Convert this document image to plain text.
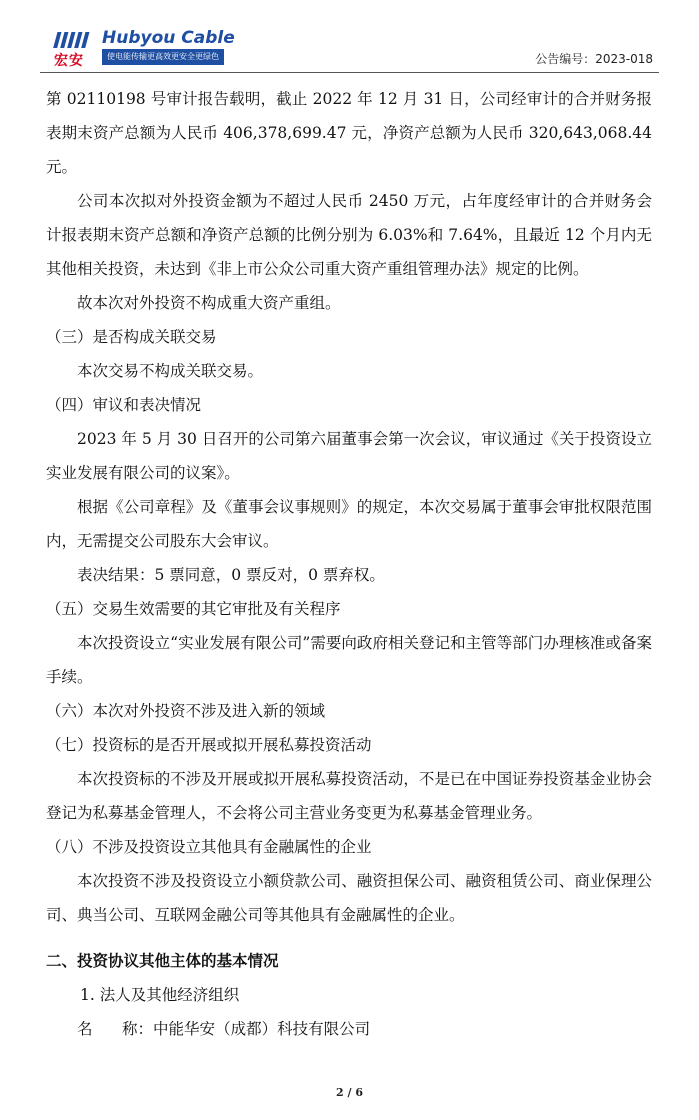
宏安
Hubyou Cable
使电能传输更高效更安全更绿色	公告编号：2023-018

第 02110198 号审计报告载明，截止 2022 年 12 月 31 日，公司经审计的合并财务报表期末资产总额为人民币 406,378,699.47 元，净资产总额为人民币 320,643,068.44 元。

公司本次拟对外投资金额为不超过人民币 2450 万元，占年度经审计的合并财务会计报表期末资产总额和净资产总额的比例分别为 6.03%和 7.64%，且最近 12 个月内无其他相关投资，未达到《非上市公众公司重大资产重组管理办法》规定的比例。

故本次对外投资不构成重大资产重组。

（三）是否构成关联交易

本次交易不构成关联交易。

（四）审议和表决情况

2023 年 5 月 30 日召开的公司第六届董事会第一次会议，审议通过《关于投资设立实业发展有限公司的议案》。

根据《公司章程》及《董事会议事规则》的规定，本次交易属于董事会审批权限范围内，无需提交公司股东大会审议。

表决结果：5 票同意，0 票反对，0 票弃权。

（五）交易生效需要的其它审批及有关程序

本次投资设立“实业发展有限公司”需要向政府相关登记和主管等部门办理核准或备案手续。

（六）本次对外投资不涉及进入新的领域

（七）投资标的是否开展或拟开展私募投资活动

本次投资标的不涉及开展或拟开展私募投资活动，不是已在中国证券投资基金业协会登记为私募基金管理人，不会将公司主营业务变更为私募基金管理业务。

（八）不涉及投资设立其他具有金融属性的企业

本次投资不涉及投资设立小额贷款公司、融资担保公司、融资租赁公司、商业保理公司、典当公司、互联网金融公司等其他具有金融属性的企业。

二、投资协议其他主体的基本情况

1. 法人及其他经济组织

名      称：中能华安（成都）科技有限公司

2 / 6
